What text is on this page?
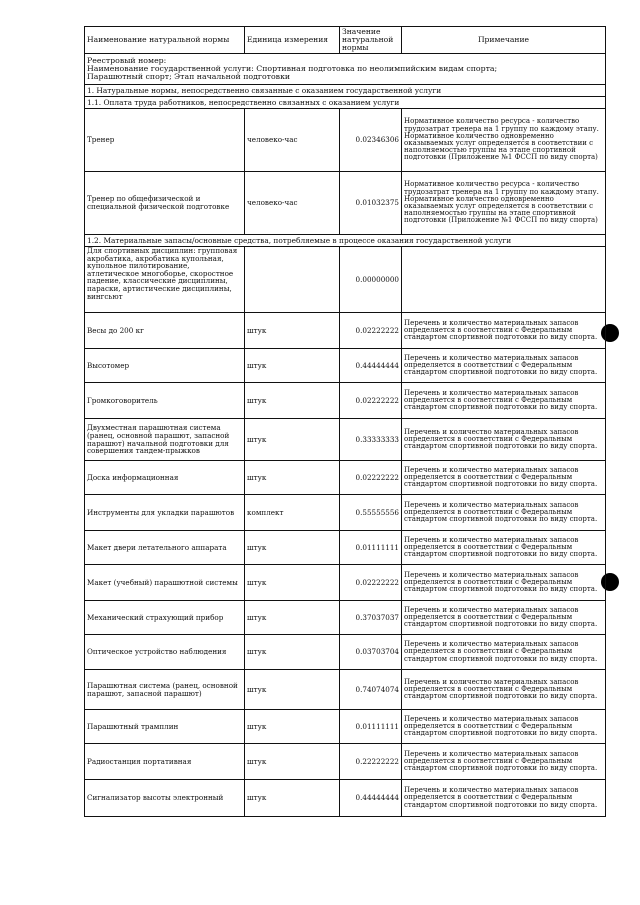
Наименование натуральной нормы	Единица измерения	Значение натуральной нормы	Примечание

Реестровый номер:
Наименование государственной услуги: Спортивная подготовка по неолимпийским видам спорта;
Парашютный спорт; Этап начальной подготовки			

1. Натуральные нормы, непосредственно связанные с оказанием государственной услуги			
1.1. Оплата труда работников, непосредственно связанных с оказанием услуги			
Тренер	человеко-час	0.02346306	Нормативное количество ресурса - количество трудозатрат тренера на 1 группу по каждому этапу. Нормативное количество одновременно оказываемых услуг определяется в соответствии с наполняемостью группы на этапе спортивной подготовки (Приложение №1 ФССП по виду спорта)
Тренер по общефизической и специальной физической подготовке	человеко-час	0.01032375	Нормативное количество ресурса - количество трудозатрат тренера на 1 группу по каждому этапу. Нормативное количество одновременно оказываемых услуг определяется в соответствии с наполняемостью группы на этапе спортивной подготовки (Приложение №1 ФССП по виду спорта)
1.2. Материальные запасы/основные средства, потребляемые в процессе оказания государственной услуги			
Для спортивных дисциплин: групповая акробатика, акробатика купольная, купольное пилотирование, атлетическое многоборье, скоростное падение, классические дисциплины, параски, артистические дисциплины, вингсьют		0.00000000	
Весы до 200 кг	штук	0.02222222	Перечень и количество материальных запасов определяется в соответствии с Федеральным стандартом спортивной подготовки по виду спорта.
Высотомер	штук	0.44444444	Перечень и количество материальных запасов определяется в соответствии с Федеральным стандартом спортивной подготовки по виду спорта.
Громкоговоритель	штук	0.02222222	Перечень и количество материальных запасов определяется в соответствии с Федеральным стандартом спортивной подготовки по виду спорта.
Двухместная парашютная система (ранец, основной парашют, запасной парашют) начальной подготовки для совершения тандем-прыжков	штук	0.33333333	Перечень и количество материальных запасов определяется в соответствии с Федеральным стандартом спортивной подготовки по виду спорта.
Доска информационная	штук	0.02222222	Перечень и количество материальных запасов определяется в соответствии с Федеральным стандартом спортивной подготовки по виду спорта.
Инструменты для укладки парашютов	комплект	0.55555556	Перечень и количество материальных запасов определяется в соответствии с Федеральным стандартом спортивной подготовки по виду спорта.
Макет двери летательного аппарата	штук	0.01111111	Перечень и количество материальных запасов определяется в соответствии с Федеральным стандартом спортивной подготовки по виду спорта.
Макет (учебный) парашютной системы	штук	0.02222222	Перечень и количество материальных запасов определяется в соответствии с Федеральным стандартом спортивной подготовки по виду спорта.
Механический страхующий прибор	штук	0.37037037	Перечень и количество материальных запасов определяется в соответствии с Федеральным стандартом спортивной подготовки по виду спорта.
Оптическое устройство наблюдения	штук	0.03703704	Перечень и количество материальных запасов определяется в соответствии с Федеральным стандартом спортивной подготовки по виду спорта.
Парашютная система (ранец, основной парашют, запасной парашют)	штук	0.74074074	Перечень и количество материальных запасов определяется в соответствии с Федеральным стандартом спортивной подготовки по виду спорта.
Парашютный трамплин	штук	0.01111111	Перечень и количество материальных запасов определяется в соответствии с Федеральным стандартом спортивной подготовки по виду спорта.
Радиостанция портативная	штук	0.22222222	Перечень и количество материальных запасов определяется в соответствии с Федеральным стандартом спортивной подготовки по виду спорта.
Сигнализатор высоты электронный	штук	0.44444444	Перечень и количество материальных запасов определяется в соответствии с Федеральным стандартом спортивной подготовки по виду спорта.
